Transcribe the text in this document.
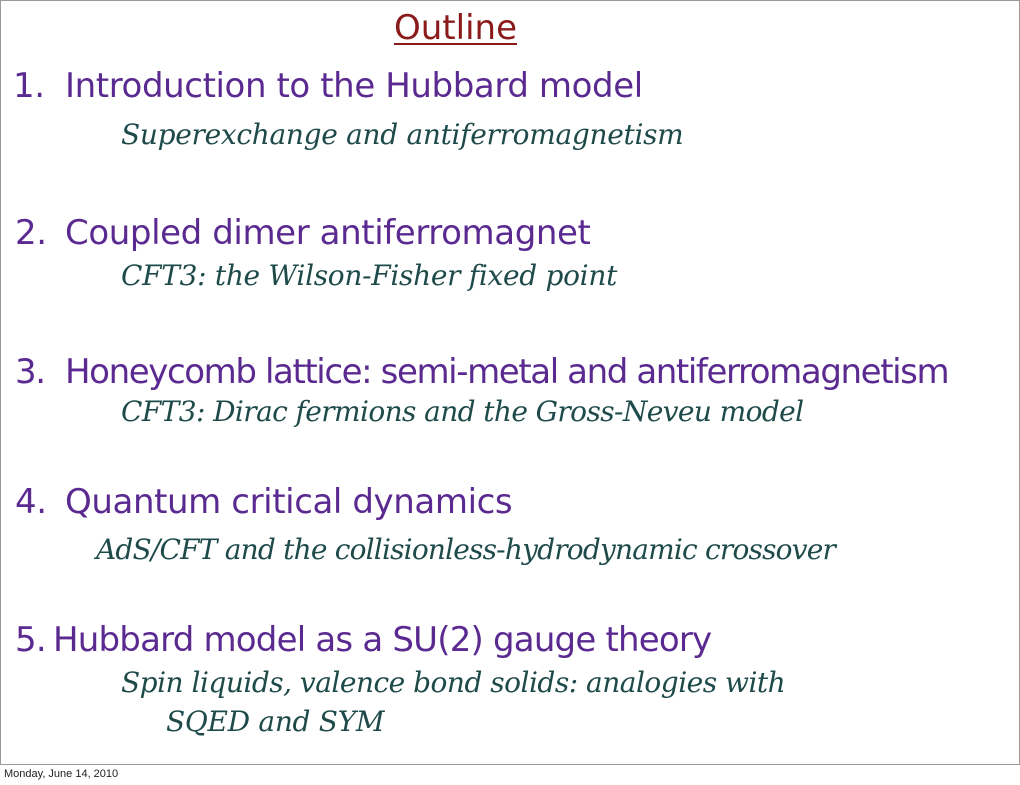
Outline
1. Introduction to the Hubbard model
Superexchange and antiferromagnetism
2. Coupled dimer antiferromagnet
CFT3: the Wilson-Fisher fixed point
3. Honeycomb lattice: semi-metal and antiferromagnetism
CFT3: Dirac fermions and the Gross-Neveu model
4. Quantum critical dynamics
AdS/CFT and the collisionless-hydrodynamic crossover
5. Hubbard model as a SU(2) gauge theory
Spin liquids, valence bond solids: analogies with
SQED and SYM
Monday, June 14, 2010
